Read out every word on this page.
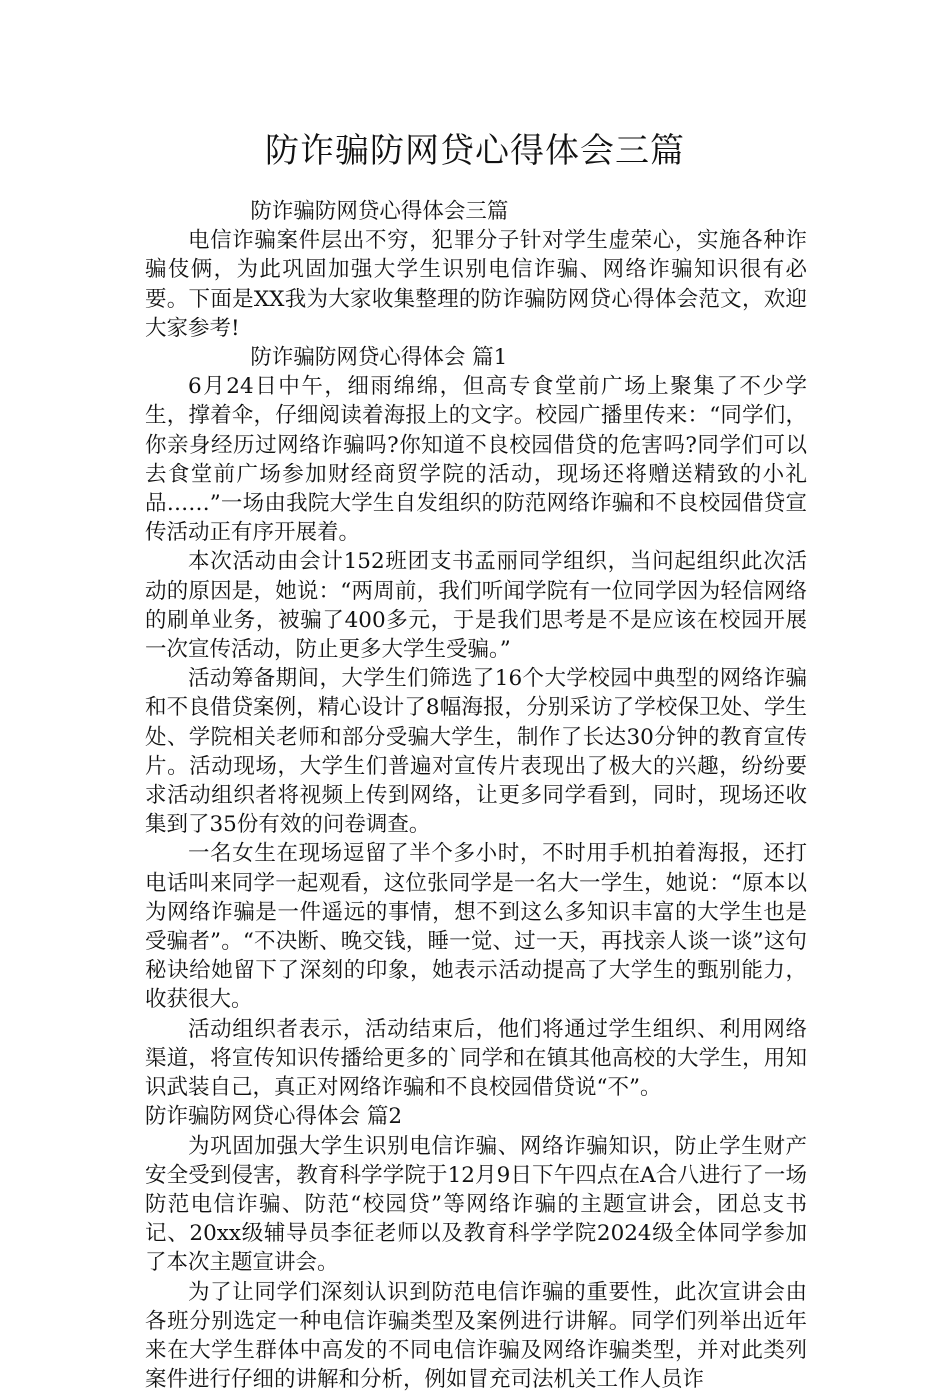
防诈骗防网贷心得体会三篇

防诈骗防网贷心得体会三篇

电信诈骗案件层出不穷，犯罪分子针对学生虚荣心，实施各种诈骗伎俩，为此巩固加强大学生识别电信诈骗、网络诈骗知识很有必要。下面是XX我为大家收集整理的防诈骗防网贷心得体会范文，欢迎大家参考!

防诈骗防网贷心得体会 篇1

6月24日中午，细雨绵绵，但高专食堂前广场上聚集了不少学生，撑着伞，仔细阅读着海报上的文字。校园广播里传来：“同学们，你亲身经历过网络诈骗吗?你知道不良校园借贷的危害吗?同学们可以去食堂前广场参加财经商贸学院的活动，现场还将赠送精致的小礼品……”一场由我院大学生自发组织的防范网络诈骗和不良校园借贷宣传活动正有序开展着。

本次活动由会计152班团支书孟丽同学组织，当问起组织此次活动的原因是，她说：“两周前，我们听闻学院有一位同学因为轻信网络的刷单业务，被骗了400多元，于是我们思考是不是应该在校园开展一次宣传活动，防止更多大学生受骗。”

活动筹备期间，大学生们筛选了16个大学校园中典型的网络诈骗和不良借贷案例，精心设计了8幅海报，分别采访了学校保卫处、学生处、学院相关老师和部分受骗大学生，制作了长达30分钟的教育宣传片。活动现场，大学生们普遍对宣传片表现出了极大的兴趣，纷纷要求活动组织者将视频上传到网络，让更多同学看到，同时，现场还收集到了35份有效的问卷调查。

一名女生在现场逗留了半个多小时，不时用手机拍着海报，还打电话叫来同学一起观看，这位张同学是一名大一学生，她说：“原本以为网络诈骗是一件遥远的事情，想不到这么多知识丰富的大学生也是受骗者”。“不决断、晚交钱，睡一觉、过一天，再找亲人谈一谈”这句秘诀给她留下了深刻的印象，她表示活动提高了大学生的甄别能力，收获很大。

活动组织者表示，活动结束后，他们将通过学生组织、利用网络渠道，将宣传知识传播给更多的`同学和在镇其他高校的大学生，用知识武装自己，真正对网络诈骗和不良校园借贷说“不”。

防诈骗防网贷心得体会 篇2

为巩固加强大学生识别电信诈骗、网络诈骗知识，防止学生财产安全受到侵害，教育科学学院于12月9日下午四点在A合八进行了一场防范电信诈骗、防范“校园贷”等网络诈骗的主题宣讲会，团总支书记、20xx级辅导员李征老师以及教育科学学院2024级全体同学参加了本次主题宣讲会。

为了让同学们深刻认识到防范电信诈骗的重要性，此次宣讲会由各班分别选定一种电信诈骗类型及案例进行讲解。同学们列举出近年来在大学生群体中高发的不同电信诈骗及网络诈骗类型，并对此类列案件进行仔细的讲解和分析，例如冒充司法机关工作人员诈
